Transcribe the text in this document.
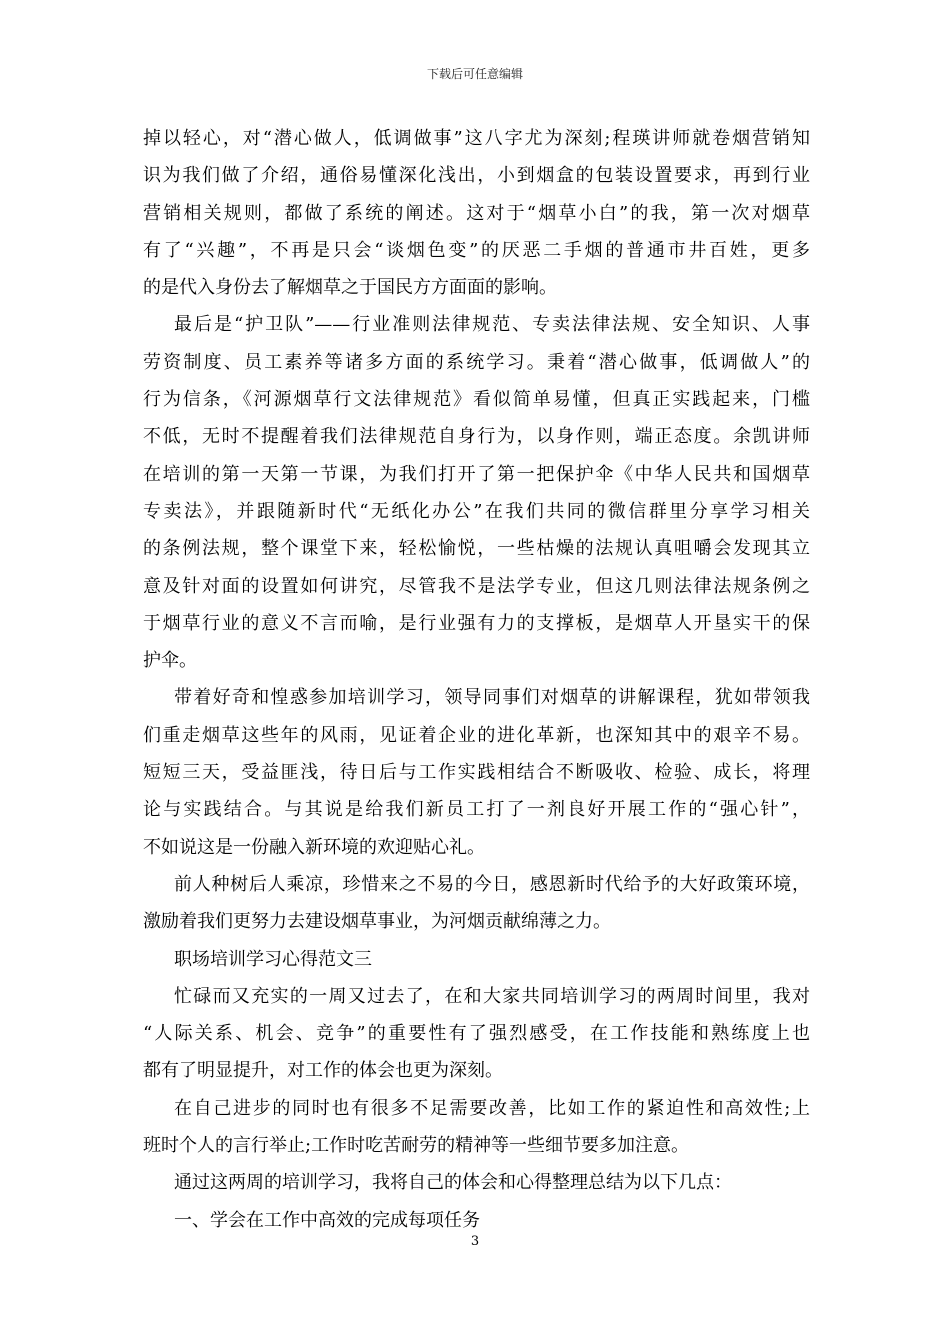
下载后可任意编辑
掉以轻心，对“潜心做人，低调做事”这八字尤为深刻;程瑛讲师就卷烟营销知
识为我们做了介绍，通俗易懂深化浅出，小到烟盒的包装设置要求，再到行业
营销相关规则，都做了系统的阐述。这对于“烟草小白”的我，第一次对烟草
有了“兴趣”，不再是只会“谈烟色变”的厌恶二手烟的普通市井百姓，更多
的是代入身份去了解烟草之于国民方方面面的影响。
最后是“护卫队”——行业准则法律规范、专卖法律法规、安全知识、人事
劳资制度、员工素养等诸多方面的系统学习。秉着“潜心做事，低调做人”的
行为信条，《河源烟草行文法律规范》看似简单易懂，但真正实践起来，门槛
不低，无时不提醒着我们法律规范自身行为，以身作则，端正态度。余凯讲师
在培训的第一天第一节课，为我们打开了第一把保护伞《中华人民共和国烟草
专卖法》，并跟随新时代“无纸化办公”在我们共同的微信群里分享学习相关
的条例法规，整个课堂下来，轻松愉悦，一些枯燥的法规认真咀嚼会发现其立
意及针对面的设置如何讲究，尽管我不是法学专业，但这几则法律法规条例之
于烟草行业的意义不言而喻，是行业强有力的支撑板，是烟草人开垦实干的保
护伞。
带着好奇和惶惑参加培训学习，领导同事们对烟草的讲解课程，犹如带领我
们重走烟草这些年的风雨，见证着企业的进化革新，也深知其中的艰辛不易。
短短三天，受益匪浅，待日后与工作实践相结合不断吸收、检验、成长，将理
论与实践结合。与其说是给我们新员工打了一剂良好开展工作的“强心针”，
不如说这是一份融入新环境的欢迎贴心礼。
前人种树后人乘凉，珍惜来之不易的今日，感恩新时代给予的大好政策环境，
激励着我们更努力去建设烟草事业，为河烟贡献绵薄之力。
职场培训学习心得范文三
忙碌而又充实的一周又过去了，在和大家共同培训学习的两周时间里，我对
“人际关系、机会、竞争”的重要性有了强烈感受，在工作技能和熟练度上也
都有了明显提升，对工作的体会也更为深刻。
在自己进步的同时也有很多不足需要改善，比如工作的紧迫性和高效性;上
班时个人的言行举止;工作时吃苦耐劳的精神等一些细节要多加注意。
通过这两周的培训学习，我将自己的体会和心得整理总结为以下几点：
一、学会在工作中高效的完成每项任务
3
